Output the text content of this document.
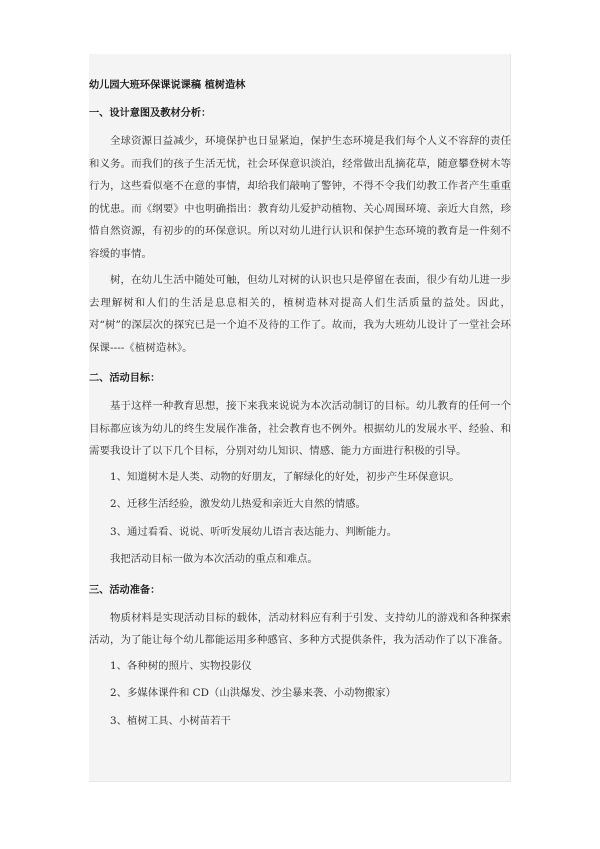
幼儿园大班环保课说课稿 植树造林
一、设计意图及教材分析：

全球资源日益减少，环境保护也日显紧迫，保护生态环境是我们每个人义不容辞的责任和义务。而我们的孩子生活无忧，社会环保意识淡泊，经常做出乱摘花草，随意攀登树木等行为，这些看似毫不在意的事情，却给我们敲响了警钟，不得不令我们幼教工作者产生重重的忧患。而《纲要》中也明确指出：教育幼儿爱护动植物、关心周围环境、亲近大自然，珍惜自然资源，有初步的的环保意识。所以对幼儿进行认识和保护生态环境的教育是一件刻不容缓的事情。

树，在幼儿生活中随处可触，但幼儿对树的认识也只是停留在表面，很少有幼儿进一步去理解树和人们的生活是息息相关的，植树造林对提高人们生活质量的益处。因此，对“树”的深层次的探究已是一个迫不及待的工作了。故而，我为大班幼儿设计了一堂社会环保课----《植树造林》。

二、活动目标：

基于这样一种教育思想，接下来我来说说为本次活动制订的目标。幼儿教育的任何一个目标都应该为幼儿的终生发展作准备，社会教育也不例外。根据幼儿的发展水平、经验、和需要我设计了以下几个目标，分别对幼儿知识、情感、能力方面进行积极的引导。

1、知道树木是人类、动物的好朋友，了解绿化的好处，初步产生环保意识。

2、迁移生活经验，激发幼儿热爱和亲近大自然的情感。

3、通过看看、说说、听听发展幼儿语言表达能力、判断能力。

我把活动目标一做为本次活动的重点和难点。

三、活动准备：

物质材料是实现活动目标的载体，活动材料应有利于引发、支持幼儿的游戏和各种探索活动，为了能让每个幼儿都能运用多种感官、多种方式提供条件，我为活动作了以下准备。

1、各种树的照片、实物投影仪

2、多媒体课件和 CD（山洪爆发、沙尘暴来袭、小动物搬家）

3、植树工具、小树苗若干
